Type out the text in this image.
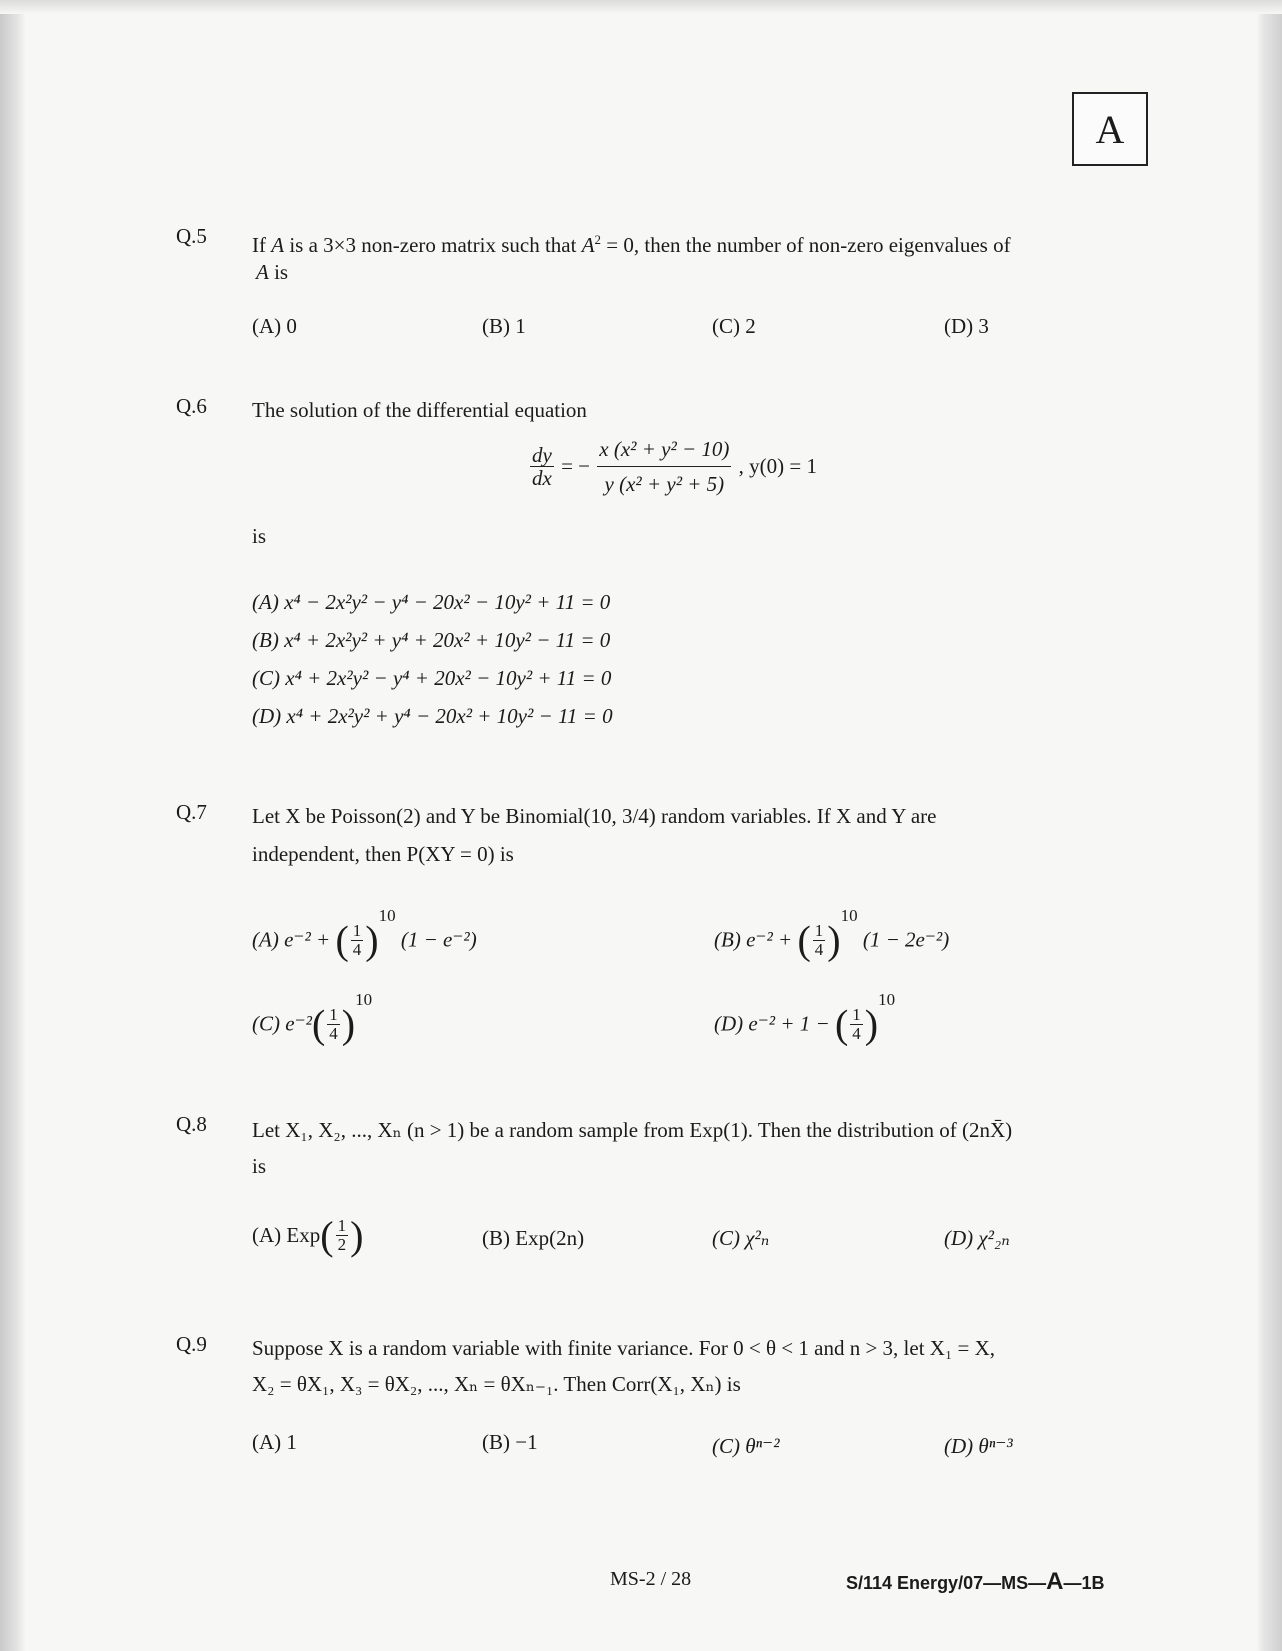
A
Q.5 If A is a 3×3 non-zero matrix such that $A^2 = 0$, then the number of non-zero eigenvalues of
A is
(A) 0	(B) 1	(C) 2	(D) 3
Q.6 The solution of the differential equation
$\frac{dy}{dx}$ = − $\frac{\text{x (x² + y² − 10)}}{\text{y (x² + y² + 5)}}$ , y(0) = 1
is
(A) x⁴ − 2x²y² − y⁴ − 20x² − 10y² + 11 = 0
(B) x⁴ + 2x²y² + y⁴ + 20x² + 10y² − 11 = 0
(C) x⁴ + 2x²y² − y⁴ + 20x² − 10y² + 11 = 0
(D) x⁴ + 2x²y² + y⁴ − 20x² + 10y² − 11 = 0
Q.7 Let X be Poisson(2) and Y be Binomial(10, 3/4) random variables. If X and Y are
independent, then P(XY = 0) is
(A) e⁻² + ( $\frac{1}{4} )^{10}$ (1 − e⁻²)	(B) e⁻² + ( $\frac{1}{4} )^{10}$ (1 − 2e⁻²)
(C) $e^{-2}( \frac{1}{4} )^{10}$
(D) e⁻² + 1 − ( $\frac{1}{4} )^{10}$
Q.8 Let X₁, X₂, ..., Xₙ (n > 1) be a random sample from Exp(1). Then the distribution of (2nX̄)
is
(A) $Exp( \frac{1}{2}$ )	(B) Exp(2n)	(C) χ²ₙ	(D) χ²₂ₙ
Q.9 Suppose X is a random variable with finite variance. For 0 < θ < 1 and n > 3, let X₁ = X,
X₂ = θX₁, X₃ = θX₂, ..., Xₙ = θXₙ₋₁. Then Corr(X₁, Xₙ) is
(A) 1	(B) −1	(C) θⁿ⁻²	(D) θⁿ⁻³
MS-2 / 28	S/114 Energy/07—MS—A—1B
